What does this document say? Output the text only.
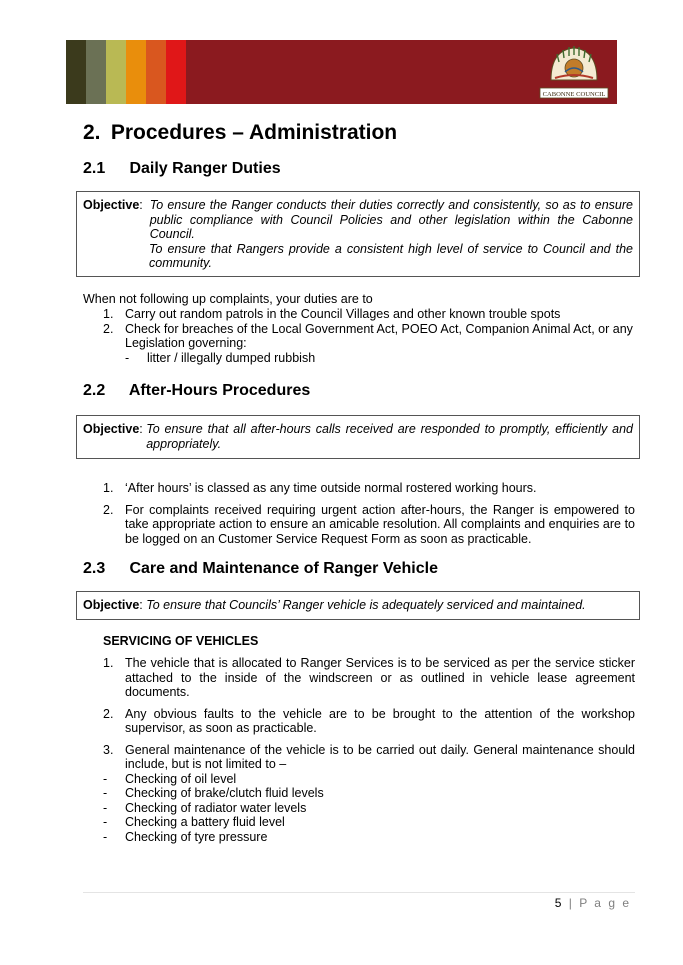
CABONNE COUNCIL
2. Procedures – Administration
2.1 Daily Ranger Duties
Objective : To ensure the Ranger conducts their duties correctly and consistently, so as to ensure public compliance with Council Policies and other legislation within the Cabonne Council.
To ensure that Rangers provide a consistent high level of service to Council and the community.
When not following up complaints, your duties are to
1. Carry out random patrols in the Council Villages and other known trouble spots
2. Check for breaches of the Local Government Act, POEO Act, Companion Animal Act, or any Legislation governing:
-	litter / illegally dumped rubbish
2.2 After-Hours Procedures
Objective : To ensure that all after-hours calls received are responded to promptly, efficiently and appropriately.
1. ‘After hours’ is classed as any time outside normal rostered working hours.
2. For complaints received requiring urgent action after-hours, the Ranger is empowered to take appropriate action to ensure an amicable resolution. All complaints and enquiries are to be logged on an Customer Service Request Form as soon as practicable.
2.3 Care and Maintenance of Ranger Vehicle
Objective : To ensure that Councils’ Ranger vehicle is adequately serviced and maintained.
SERVICING OF VEHICLES
1. The vehicle that is allocated to Ranger Services is to be serviced as per the service sticker attached to the inside of the windscreen or as outlined in vehicle lease agreement documents.
2. Any obvious faults to the vehicle are to be brought to the attention of the workshop supervisor, as soon as practicable.
3. General maintenance of the vehicle is to be carried out daily. General maintenance should include, but is not limited to –
-	Checking of oil level
-	Checking of brake/clutch fluid levels
-	Checking of radiator water levels
-	Checking a battery fluid level
-	Checking of tyre pressure
5 | P a g e
